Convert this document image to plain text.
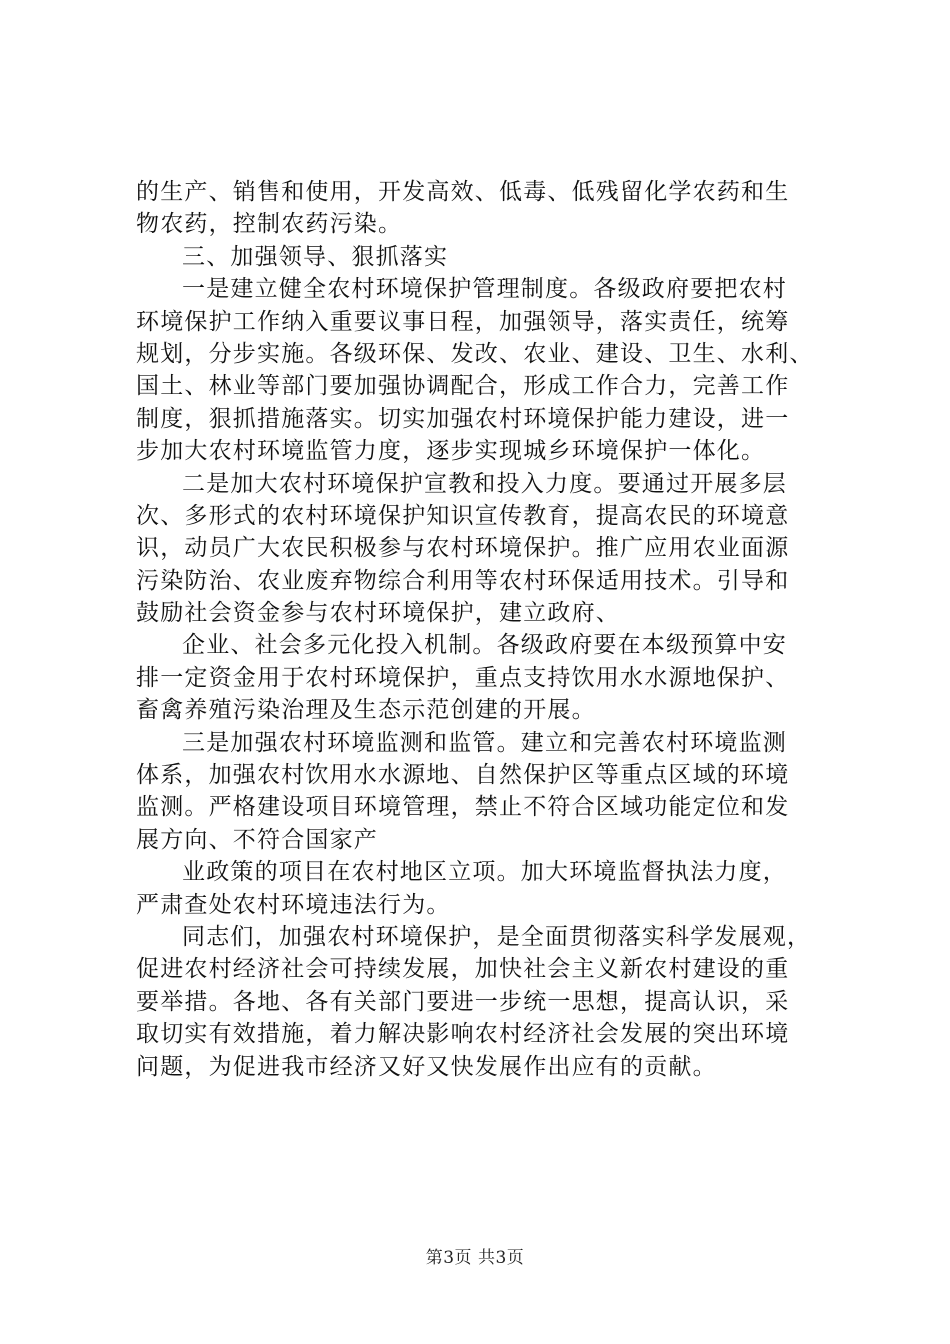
的生产、销售和使用，开发高效、低毒、低残留化学农药和生
物农药，控制农药污染。
三、加强领导、狠抓落实
一是建立健全农村环境保护管理制度。各级政府要把农村
环境保护工作纳入重要议事日程，加强领导，落实责任，统筹
规划，分步实施。各级环保、发改、农业、建设、卫生、水利、
国土、林业等部门要加强协调配合，形成工作合力，完善工作
制度，狠抓措施落实。切实加强农村环境保护能力建设，进一
步加大农村环境监管力度，逐步实现城乡环境保护一体化。
二是加大农村环境保护宣教和投入力度。要通过开展多层
次、多形式的农村环境保护知识宣传教育，提高农民的环境意
识，动员广大农民积极参与农村环境保护。推广应用农业面源
污染防治、农业废弃物综合利用等农村环保适用技术。引导和
鼓励社会资金参与农村环境保护，建立政府、
企业、社会多元化投入机制。各级政府要在本级预算中安
排一定资金用于农村环境保护，重点支持饮用水水源地保护、
畜禽养殖污染治理及生态示范创建的开展。
三是加强农村环境监测和监管。建立和完善农村环境监测
体系，加强农村饮用水水源地、自然保护区等重点区域的环境
监测。严格建设项目环境管理，禁止不符合区域功能定位和发
展方向、不符合国家产
业政策的项目在农村地区立项。加大环境监督执法力度，
严肃查处农村环境违法行为。
同志们，加强农村环境保护，是全面贯彻落实科学发展观，
促进农村经济社会可持续发展，加快社会主义新农村建设的重
要举措。各地、各有关部门要进一步统一思想，提高认识，采
取切实有效措施，着力解决影响农村经济社会发展的突出环境
问题，为促进我市经济又好又快发展作出应有的贡献。
第3页 共3页
